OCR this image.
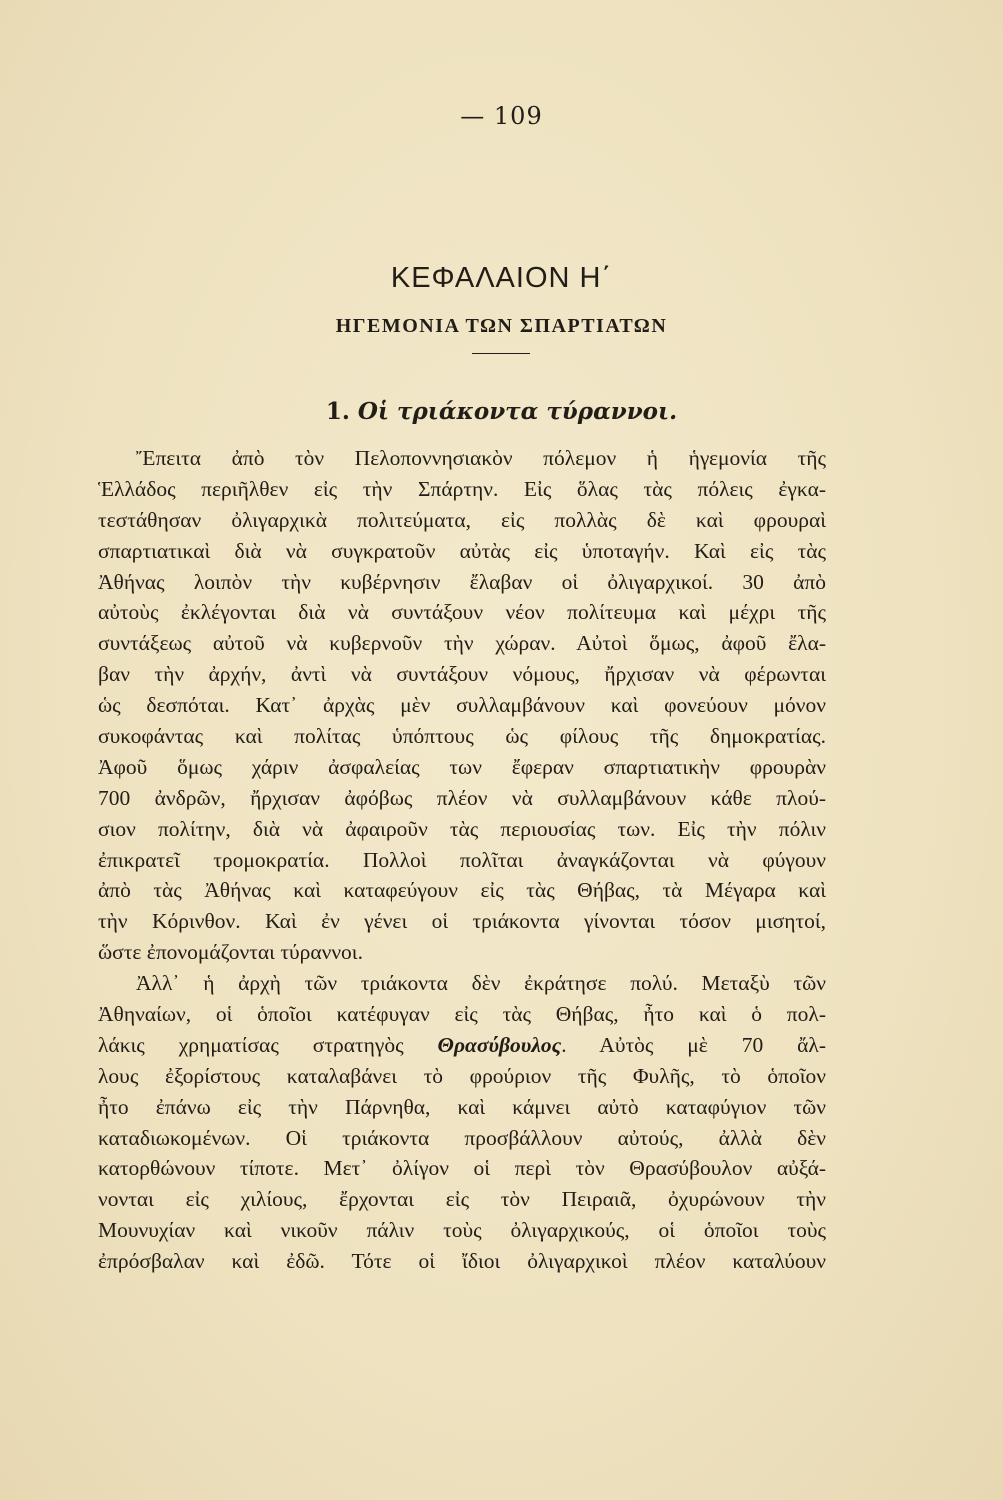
— 109
ΚΕΦΑΛΑΙΟΝ Η΄
ΗΓΕΜΟΝΙΑ ΤΩΝ ΣΠΑΡΤΙΑΤΩΝ
1. Οἱ τριάκοντα τύραννοι.
Ἔπειτα ἀπὸ τὸν Πελοποννησιακὸν πόλεμον ἡ ἡγεμονία τῆς
Ἑλλάδος περιῆλθεν εἰς τὴν Σπάρτην. Εἰς ὅλας τὰς πόλεις ἐγκα-
τεστάθησαν ὀλιγαρχικὰ πολιτεύματα, εἰς πολλὰς δὲ καὶ φρουραὶ
σπαρτιατικαὶ διὰ νὰ συγκρατοῦν αὐτὰς εἰς ὑποταγήν. Καὶ εἰς τὰς
Ἀθήνας λοιπὸν τὴν κυβέρνησιν ἔλαβαν οἱ ὀλιγαρχικοί. 30 ἀπὸ
αὐτοὺς ἐκλέγονται διὰ νὰ συντάξουν νέον πολίτευμα καὶ μέχρι τῆς
συντάξεως αὐτοῦ νὰ κυβερνοῦν τὴν χώραν. Αὐτοὶ ὅμως, ἀφοῦ ἔλα-
βαν τὴν ἀρχήν, ἀντὶ νὰ συντάξουν νόμους, ἤρχισαν νὰ φέρωνται
ὡς δεσπόται. Κατ᾿ ἀρχὰς μὲν συλλαμβάνουν καὶ φονεύουν μόνον
συκοφάντας καὶ πολίτας ὑπόπτους ὡς φίλους τῆς δημοκρατίας.
Ἀφοῦ ὅμως χάριν ἀσφαλείας των ἔφεραν σπαρτιατικὴν φρουρὰν
700 ἀνδρῶν, ἤρχισαν ἀφόβως πλέον νὰ συλλαμβάνουν κάθε πλού-
σιον πολίτην, διὰ νὰ ἀφαιροῦν τὰς περιουσίας των. Εἰς τὴν πόλιν
ἐπικρατεῖ τρομοκρατία. Πολλοὶ πολῖται ἀναγκάζονται νὰ φύγουν
ἀπὸ τὰς Ἀθήνας καὶ καταφεύγουν εἰς τὰς Θήβας, τὰ Μέγαρα καὶ
τὴν Κόρινθον. Καὶ ἐν γένει οἱ τριάκοντα γίνονται τόσον μισητοί,
ὥστε ἐπονομάζονται τύραννοι.
Ἀλλ᾿ ἡ ἀρχὴ τῶν τριάκοντα δὲν ἐκράτησε πολύ. Μεταξὺ τῶν
Ἀθηναίων, οἱ ὁποῖοι κατέφυγαν εἰς τὰς Θήβας, ἦτο καὶ ὁ πολ-
λάκις χρηματίσας στρατηγὸς Θρασύβουλος. Αὐτὸς μὲ 70 ἄλ-
λους ἐξορίστους καταλαβάνει τὸ φρούριον τῆς Φυλῆς, τὸ ὁποῖον
ἦτο ἐπάνω εἰς τὴν Πάρνηθα, καὶ κάμνει αὐτὸ καταφύγιον τῶν
καταδιωκομένων. Οἱ τριάκοντα προσβάλλουν αὐτούς, ἀλλὰ δὲν
κατορθώνουν τίποτε. Μετ᾿ ὀλίγον οἱ περὶ τὸν Θρασύβουλον αὐξά-
νονται εἰς χιλίους, ἔρχονται εἰς τὸν Πειραιᾶ, ὀχυρώνουν τὴν
Μουνυχίαν καὶ νικοῦν πάλιν τοὺς ὀλιγαρχικούς, οἱ ὁποῖοι τοὺς
ἐπρόσβαλαν καὶ ἐδῶ. Τότε οἱ ἴδιοι ὀλιγαρχικοὶ πλέον καταλύουν
